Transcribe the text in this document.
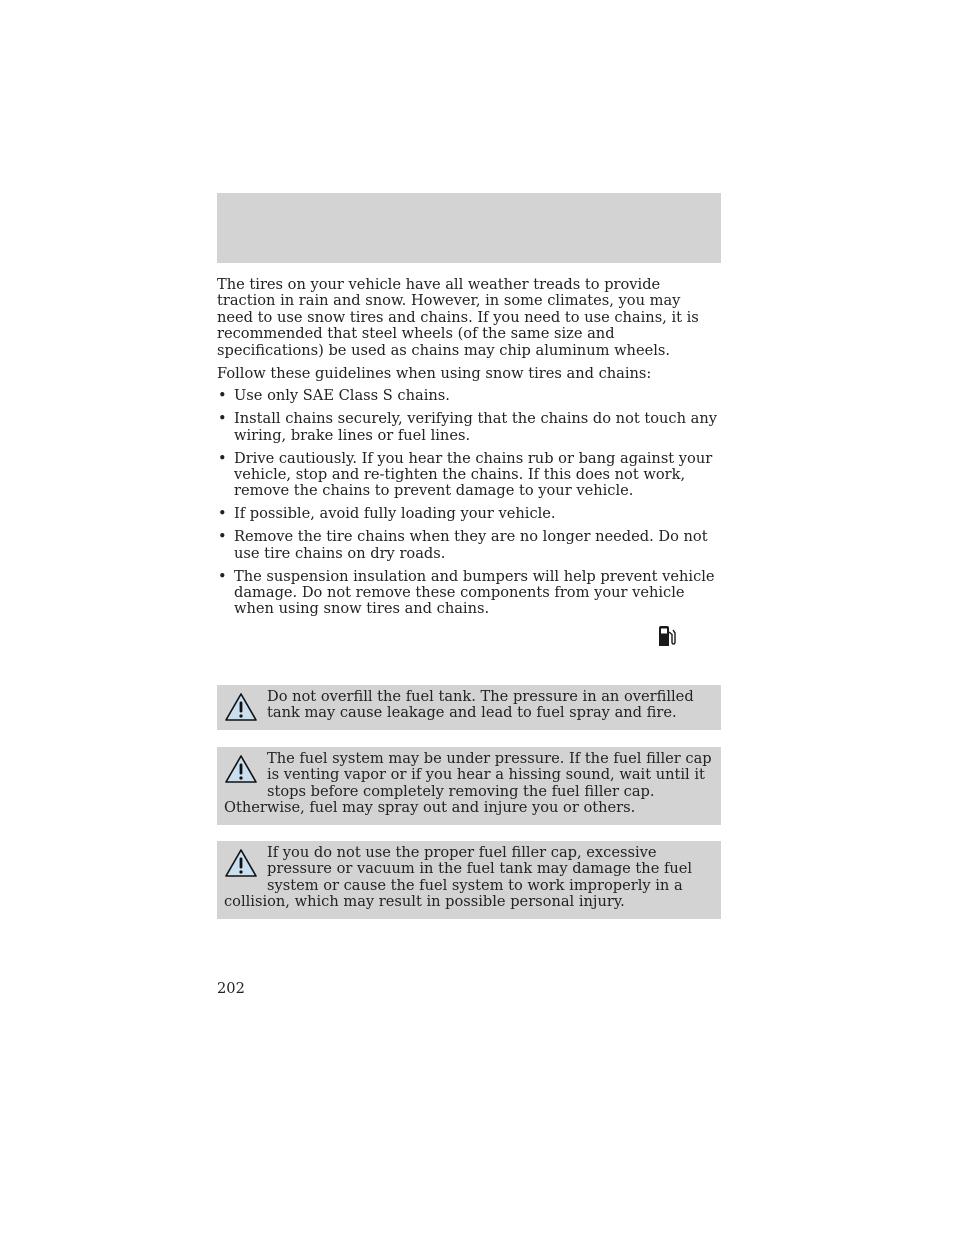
The tires on your vehicle have all weather treads to provide traction in rain and snow. However, in some climates, you may need to use snow tires and chains. If you need to use chains, it is recommended that steel wheels (of the same size and specifications) be used as chains may chip aluminum wheels.

Follow these guidelines when using snow tires and chains:

• Use only SAE Class S chains.
• Install chains securely, verifying that the chains do not touch any wiring, brake lines or fuel lines.
• Drive cautiously. If you hear the chains rub or bang against your vehicle, stop and re-tighten the chains. If this does not work, remove the chains to prevent damage to your vehicle.
• If possible, avoid fully loading your vehicle.
• Remove the tire chains when they are no longer needed. Do not use tire chains on dry roads.
• The suspension insulation and bumpers will help prevent vehicle damage. Do not remove these components from your vehicle when using snow tires and chains.
Do not overfill the fuel tank. The pressure in an overfilled tank may cause leakage and lead to fuel spray and fire.
The fuel system may be under pressure. If the fuel filler cap is venting vapor or if you hear a hissing sound, wait until it stops before completely removing the fuel filler cap. Otherwise, fuel may spray out and injure you or others.
If you do not use the proper fuel filler cap, excessive pressure or vacuum in the fuel tank may damage the fuel system or cause the fuel system to work improperly in a collision, which may result in possible personal injury.
202
